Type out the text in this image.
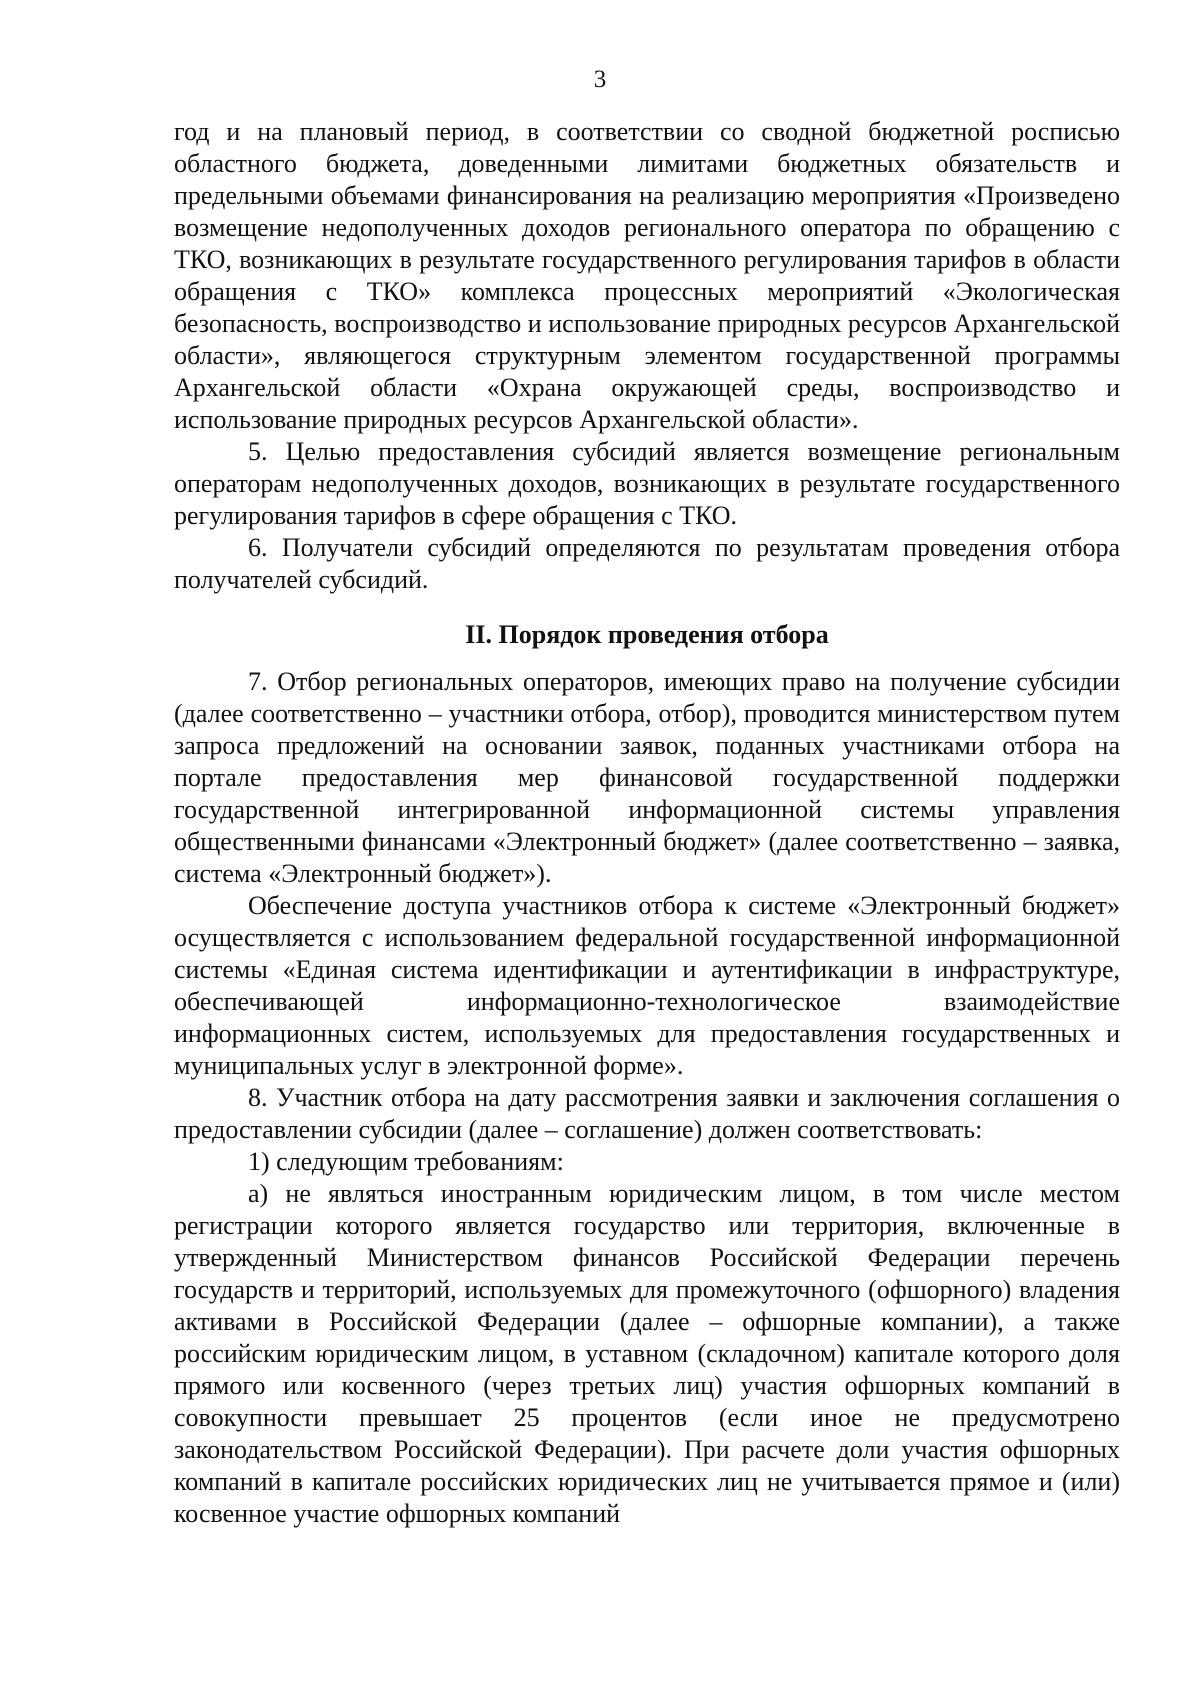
3

год и на плановый период, в соответствии со сводной бюджетной росписью областного бюджета, доведенными лимитами бюджетных обязательств и предельными объемами финансирования на реализацию мероприятия «Произведено возмещение недополученных доходов регионального оператора по обращению с ТКО, возникающих в результате государственного регулирования тарифов в области обращения с ТКО» комплекса процессных мероприятий «Экологическая безопасность, воспроизводство и использование природных ресурсов Архангельской области», являющегося структурным элементом государственной программы Архангельской области «Охрана окружающей среды, воспроизводство и использование природных ресурсов Архангельской области».

5. Целью предоставления субсидий является возмещение региональным операторам недополученных доходов, возникающих в результате государственного регулирования тарифов в сфере обращения с ТКО.

6. Получатели субсидий определяются по результатам проведения отбора получателей субсидий.

II. Порядок проведения отбора

7. Отбор региональных операторов, имеющих право на получение субсидии (далее соответственно – участники отбора, отбор), проводится министерством путем запроса предложений на основании заявок, поданных участниками отбора на портале предоставления мер финансовой государственной поддержки государственной интегрированной информационной системы управления общественными финансами «Электронный бюджет» (далее соответственно – заявка, система «Электронный бюджет»).

Обеспечение доступа участников отбора к системе «Электронный бюджет» осуществляется с использованием федеральной государственной информационной системы «Единая система идентификации и аутентификации в инфраструктуре, обеспечивающей информационно-технологическое взаимодействие информационных систем, используемых для предоставления государственных и муниципальных услуг в электронной форме».

8. Участник отбора на дату рассмотрения заявки и заключения соглашения о предоставлении субсидии (далее – соглашение) должен соответствовать:

1) следующим требованиям:

а) не являться иностранным юридическим лицом, в том числе местом регистрации которого является государство или территория, включенные в утвержденный Министерством финансов Российской Федерации перечень государств и территорий, используемых для промежуточного (офшорного) владения активами в Российской Федерации (далее – офшорные компании), а также российским юридическим лицом, в уставном (складочном) капитале которого доля прямого или косвенного (через третьих лиц) участия офшорных компаний в совокупности превышает 25 процентов (если иное не предусмотрено законодательством Российской Федерации). При расчете доли участия офшорных компаний в капитале российских юридических лиц не учитывается прямое и (или) косвенное участие офшорных компаний
